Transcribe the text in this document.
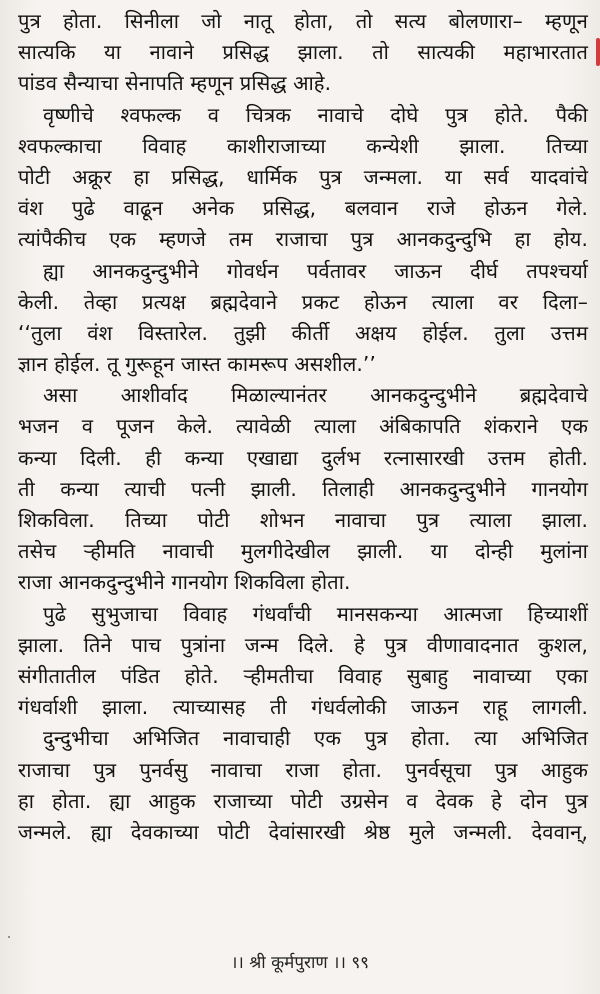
पुत्र होता. सिनीला जो नातू होता, तो सत्य बोलणारा– म्हणून
सात्यकि या नावाने प्रसिद्ध झाला. तो सात्यकी महाभारतात
पांडव सैन्याचा सेनापति म्हणून प्रसिद्ध आहे.
वृष्णीचे श्‍वफल्क व चित्रक नावाचे दोघे पुत्र होते. पैकी
श्‍वफल्काचा विवाह काशीराजाच्या कन्येशी झाला. तिच्या
पोटी अक्रूर हा प्रसिद्ध, धार्मिक पुत्र जन्मला. या सर्व यादवांचे
वंश पुढे वाढून अनेक प्रसिद्ध, बलवान राजे होऊन गेले.
त्यांपैकीच एक म्हणजे तम राजाचा पुत्र आनकदुन्दुभि हा होय.
ह्या आनकदुन्दुभीने गोवर्धन पर्वतावर जाऊन दीर्घ तपश्चर्या
केली. तेव्हा प्रत्यक्ष ब्रह्मदेवाने प्रकट होऊन त्याला वर दिला–
‘‘तुला वंश विस्तारेल. तुझी कीर्ती अक्षय होईल. तुला उत्तम
ज्ञान होईल. तू गुरूहून जास्त कामरूप असशील.’’
असा आशीर्वाद मिळाल्यानंतर आनकदुन्दुभीने ब्रह्मदेवाचे
भजन व पूजन केले. त्यावेळी त्याला अंबिकापति शंकराने एक
कन्या दिली. ही कन्या एखाद्या दुर्लभ रत्नासारखी उत्तम होती.
ती कन्या त्याची पत्नी झाली. तिलाही आनकदुन्दुभीने गानयोग
शिकविला. तिच्या पोटी शोभन नावाचा पुत्र त्याला झाला.
तसेच ऱ्हीमति नावाची मुलगीदेखील झाली. या दोन्ही मुलांना
राजा आनकदुन्दुभीने गानयोग शिकविला होता.
पुढे सुभुजाचा विवाह गंधर्वांची मानसकन्या आत्मजा हिच्याशीं
झाला. तिने पाच पुत्रांना जन्म दिले. हे पुत्र वीणावादनात कुशल,
संगीतातील पंडित होते. ऱ्हीमतीचा विवाह सुबाहु नावाच्या एका
गंधर्वाशी झाला. त्याच्यासह ती गंधर्वलोकी जाऊन राहू लागली.
दुन्दुभीचा अभिजित नावाचाही एक पुत्र होता. त्या अभिजित
राजाचा पुत्र पुनर्वसु नावाचा राजा होता. पुनर्वसूचा पुत्र आहुक
हा होता. ह्या आहुक राजाच्या पोटी उग्रसेन व देवक हे दोन पुत्र
जन्मले. ह्या देवकाच्या पोटी देवांसारखी श्रेष्ठ मुले जन्मली. देववान्,
।। श्री कूर्मपुराण ।। ९९
